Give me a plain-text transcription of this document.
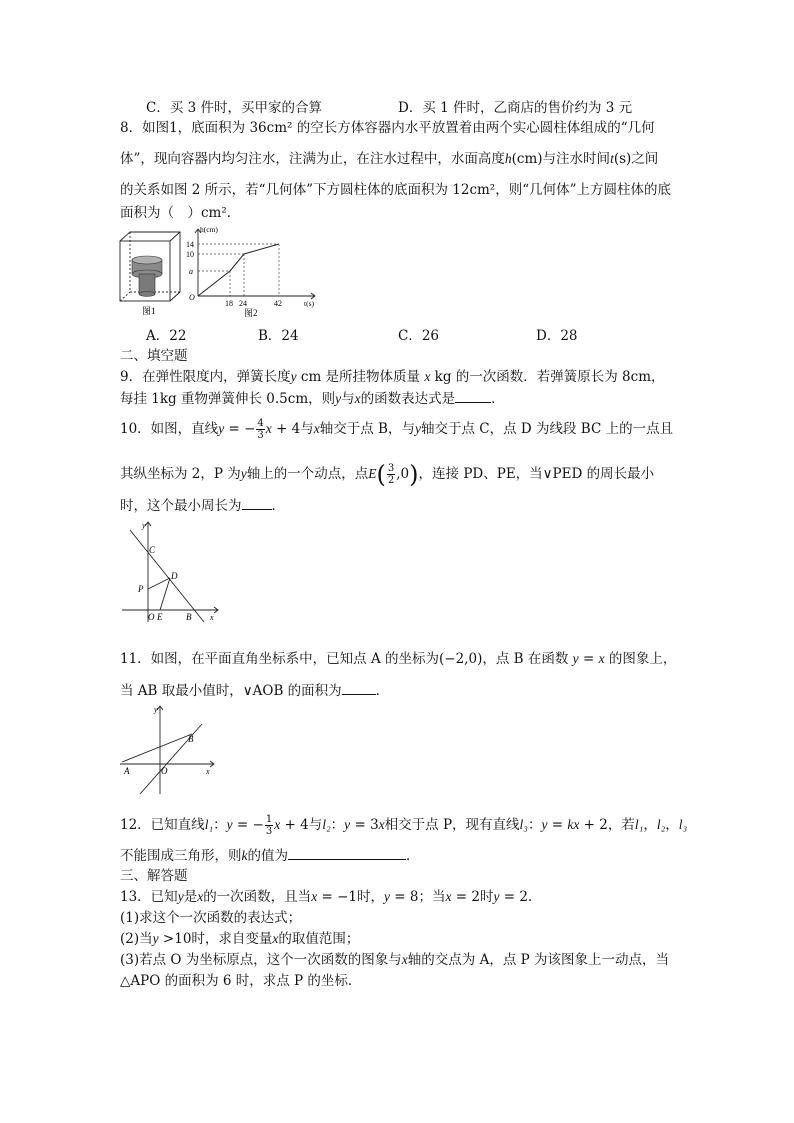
C．买 3 件时，买甲家的合算	D．买 1 件时，乙商店的售价约为 3 元
8．如图1，底面积为 36cm² 的空长方体容器内水平放置着由两个实心圆柱体组成的“几何
体”，现向容器内均匀注水，注满为止，在注水过程中，水面高度h(cm)与注水时间t(s)之间
的关系如图 2 所示，若“几何体”下方圆柱体的底面积为 12cm²，则“几何体”上方圆柱体的底
面积为（　）cm²．
图1
h(cm)
14
10
a
O
18 24	42	t(s)
图2
A．22	B．24	C．26	D．28
二、填空题
9．在弹性限度内，弹簧长度y cm 是所挂物体质量 x kg 的一次函数．若弹簧原长为 8cm，
每挂 1kg 重物弹簧伸长 0.5cm，则y与x的函数表达式是	．
10．如图，直线y = − $\frac{4}{3}$ x + 4与x轴交于点 B，与y轴交于点 C，点 D 为线段 BC 上的一点且
其纵坐标为 2，P 为y轴上的一个动点，点$E( \frac{3}{2} ,0)$，连接 PD、PE，当∨PED 的周长最小
时，这个最小周长为 ．
y
C
D
P
O E	B x
11．如图，在平面直角坐标系中，已知点 A 的坐标为(−2,0)，点 B 在函数 y = x 的图象上，
当 AB 取最小值时，∨AOB 的面积为	．
y
B
A	O	x
12．已知直线l₁：y = − $\frac{1}{3}$ x + 4与l₂：y = 3x相交于点 P，现有直线l₃：y = kx + 2，若l₁，l₂，l₃
不能围成三角形，则k的值为	．
三、解答题
13．已知y是x的一次函数，且当x = −1时，y = 8；当x = 2时y = 2．
(1)求这个一次函数的表达式；
(2)当y >10时，求自变量x的取值范围；
(3)若点 O 为坐标原点，这个一次函数的图象与x轴的交点为 A，点 P 为该图象上一动点，当
△APO 的面积为 6 时，求点 P 的坐标．
